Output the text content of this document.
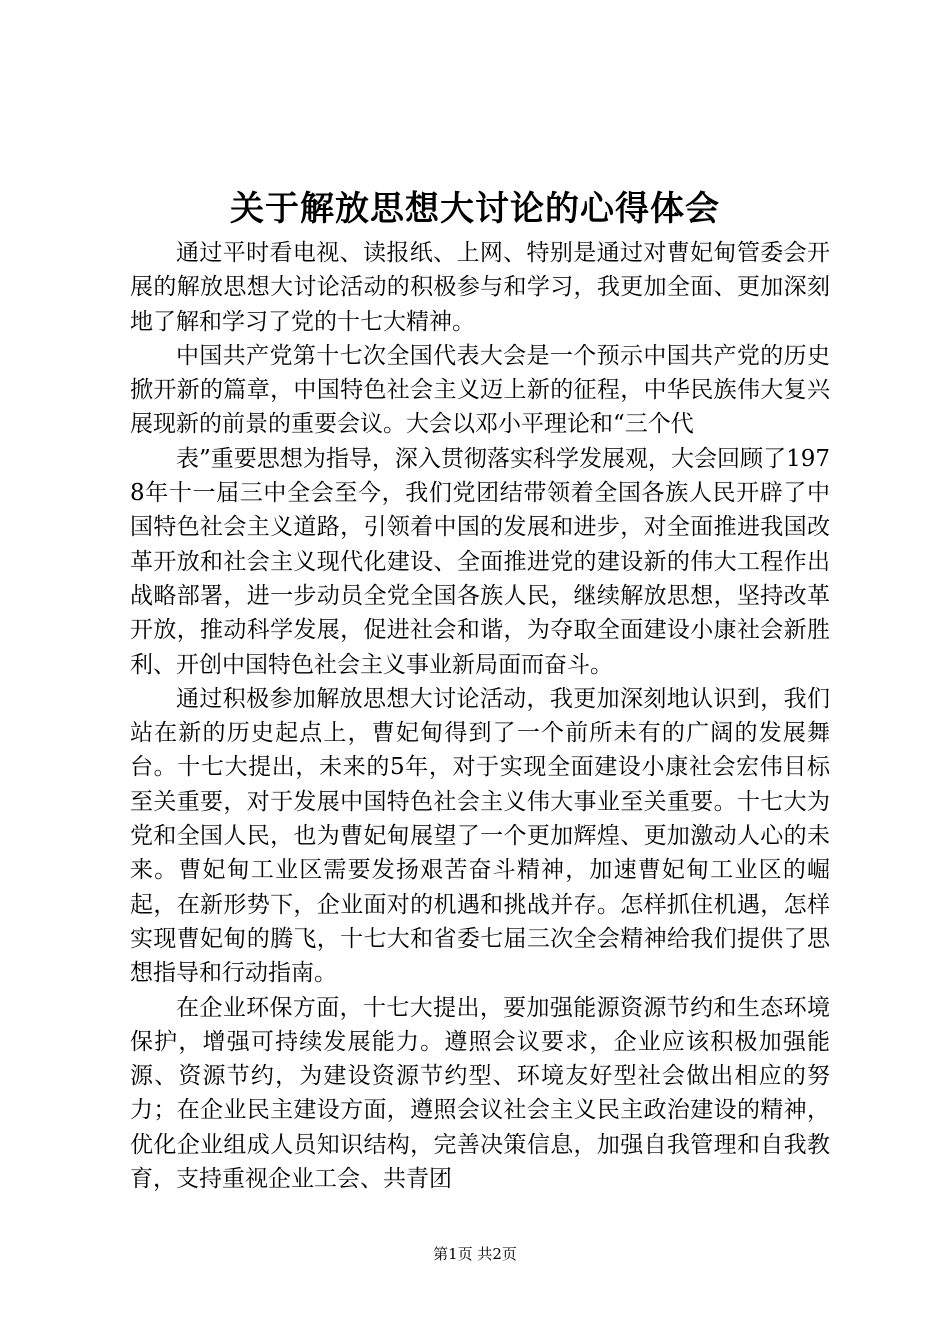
关于解放思想大讨论的心得体会

通过平时看电视、读报纸、上网、特别是通过对曹妃甸管委会开展的解放思想大讨论活动的积极参与和学习，我更加全面、更加深刻地了解和学习了党的十七大精神。

中国共产党第十七次全国代表大会是一个预示中国共产党的历史掀开新的篇章，中国特色社会主义迈上新的征程，中华民族伟大复兴展现新的前景的重要会议。大会以邓小平理论和“三个代

表”重要思想为指导，深入贯彻落实科学发展观，大会回顾了1978年十一届三中全会至今，我们党团结带领着全国各族人民开辟了中国特色社会主义道路，引领着中国的发展和进步，对全面推进我国改革开放和社会主义现代化建设、全面推进党的建设新的伟大工程作出战略部署，进一步动员全党全国各族人民，继续解放思想，坚持改革开放，推动科学发展，促进社会和谐，为夺取全面建设小康社会新胜利、开创中国特色社会主义事业新局面而奋斗。

通过积极参加解放思想大讨论活动，我更加深刻地认识到，我们站在新的历史起点上，曹妃甸得到了一个前所未有的广阔的发展舞台。十七大提出，未来的5年，对于实现全面建设小康社会宏伟目标至关重要，对于发展中国特色社会主义伟大事业至关重要。十七大为党和全国人民，也为曹妃甸展望了一个更加辉煌、更加激动人心的未来。曹妃甸工业区需要发扬艰苦奋斗精神，加速曹妃甸工业区的崛起，在新形势下，企业面对的机遇和挑战并存。怎样抓住机遇，怎样实现曹妃甸的腾飞，十七大和省委七届三次全会精神给我们提供了思想指导和行动指南。

在企业环保方面，十七大提出，要加强能源资源节约和生态环境保护，增强可持续发展能力。遵照会议要求，企业应该积极加强能源、资源节约，为建设资源节约型、环境友好型社会做出相应的努力；在企业民主建设方面，遵照会议社会主义民主政治建设的精神，优化企业组成人员知识结构，完善决策信息，加强自我管理和自我教育，支持重视企业工会、共青团

第1页 共2页
